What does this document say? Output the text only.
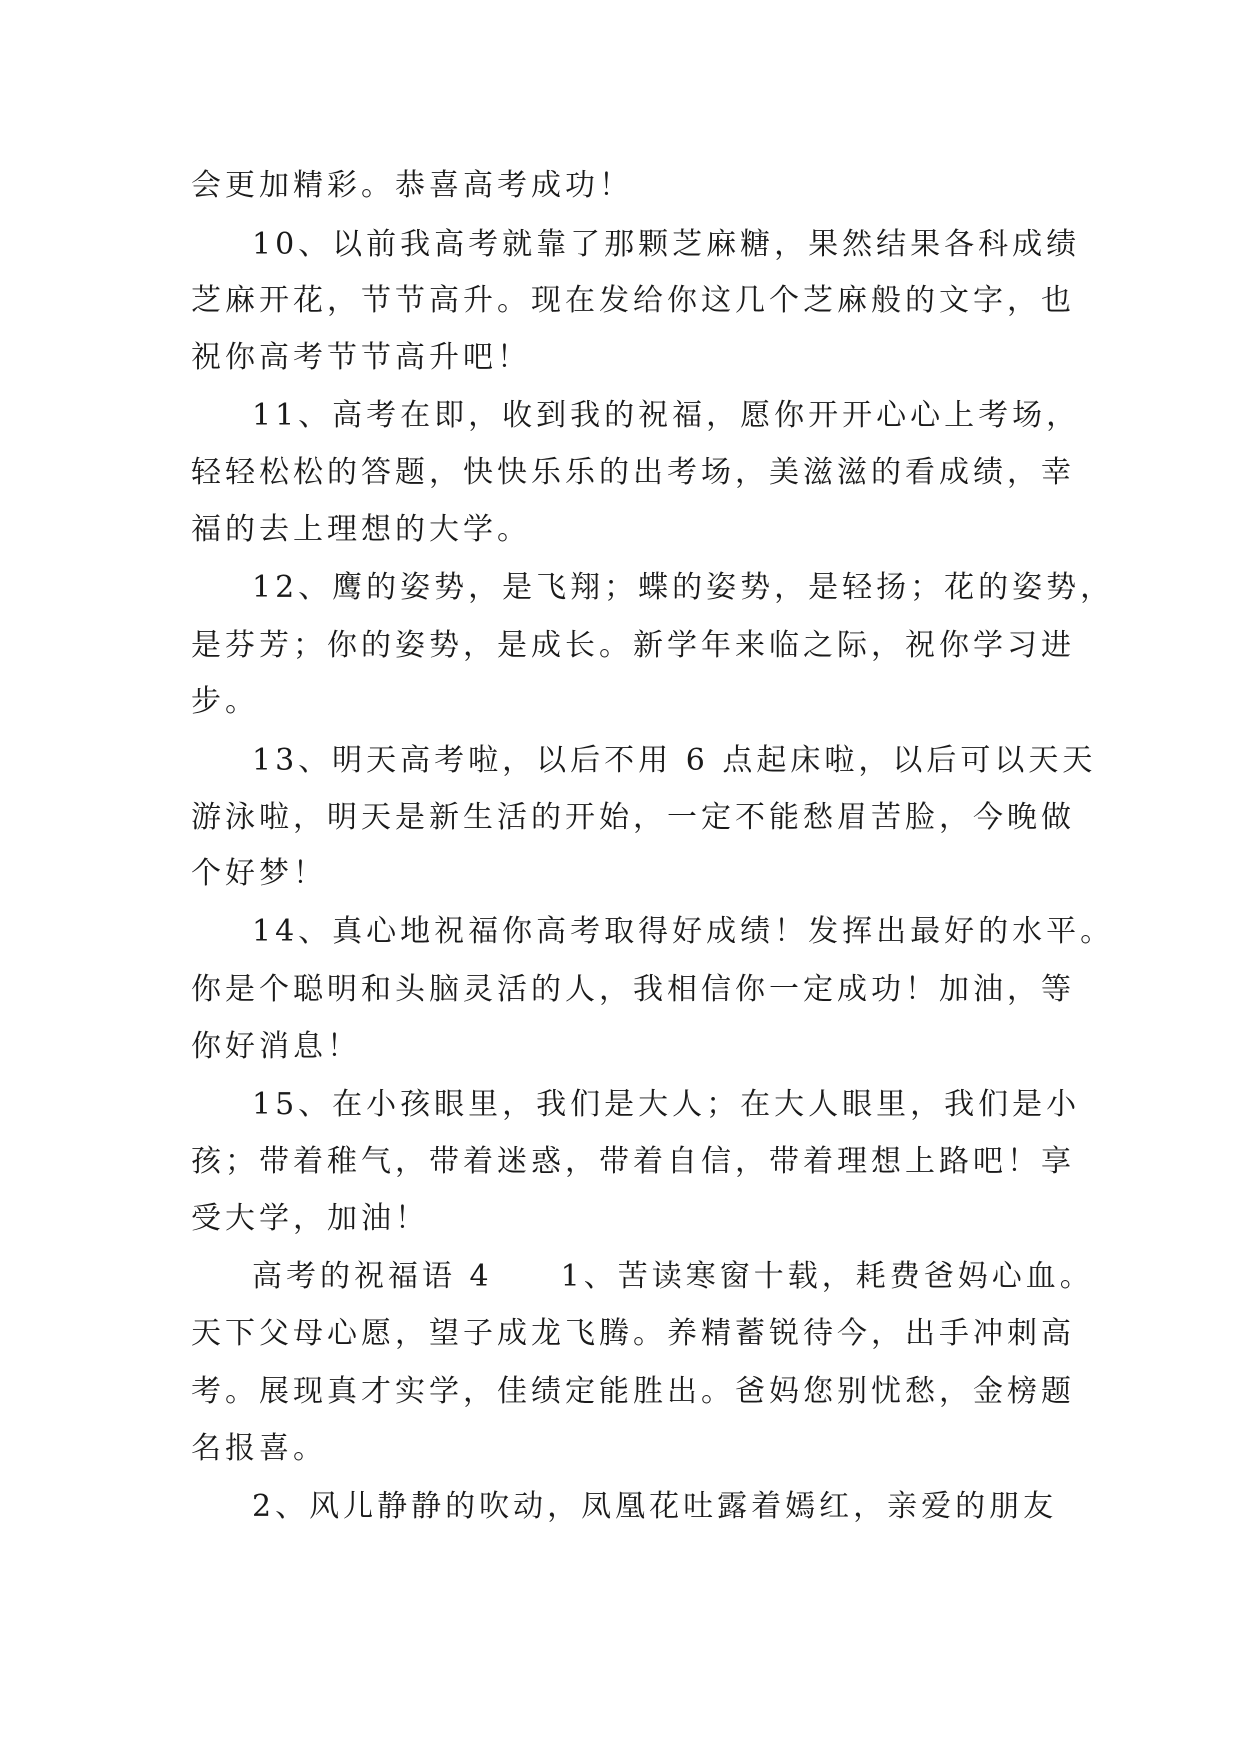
会更加精彩。恭喜高考成功！
10、以前我高考就靠了那颗芝麻糖，果然结果各科成绩
芝麻开花，节节高升。现在发给你这几个芝麻般的文字，也
祝你高考节节高升吧！
11、高考在即，收到我的祝福，愿你开开心心上考场，
轻轻松松的答题，快快乐乐的出考场，美滋滋的看成绩，幸
福的去上理想的大学。
12、鹰的姿势，是飞翔；蝶的姿势，是轻扬；花的姿势，
是芬芳；你的姿势，是成长。新学年来临之际，祝你学习进
步。
13、明天高考啦，以后不用 6 点起床啦，以后可以天天
游泳啦，明天是新生活的开始，一定不能愁眉苦脸，今晚做
个好梦！
14、真心地祝福你高考取得好成绩！发挥出最好的水平。
你是个聪明和头脑灵活的人，我相信你一定成功！加油，等
你好消息！
15、在小孩眼里，我们是大人；在大人眼里，我们是小
孩；带着稚气，带着迷惑，带着自信，带着理想上路吧！享
受大学，加油！
高考的祝福语 4　　1、苦读寒窗十载，耗费爸妈心血。
天下父母心愿，望子成龙飞腾。养精蓄锐待今，出手冲刺高
考。展现真才实学，佳绩定能胜出。爸妈您别忧愁，金榜题
名报喜。
2、风儿静静的吹动，凤凰花吐露着嫣红，亲爱的朋友
